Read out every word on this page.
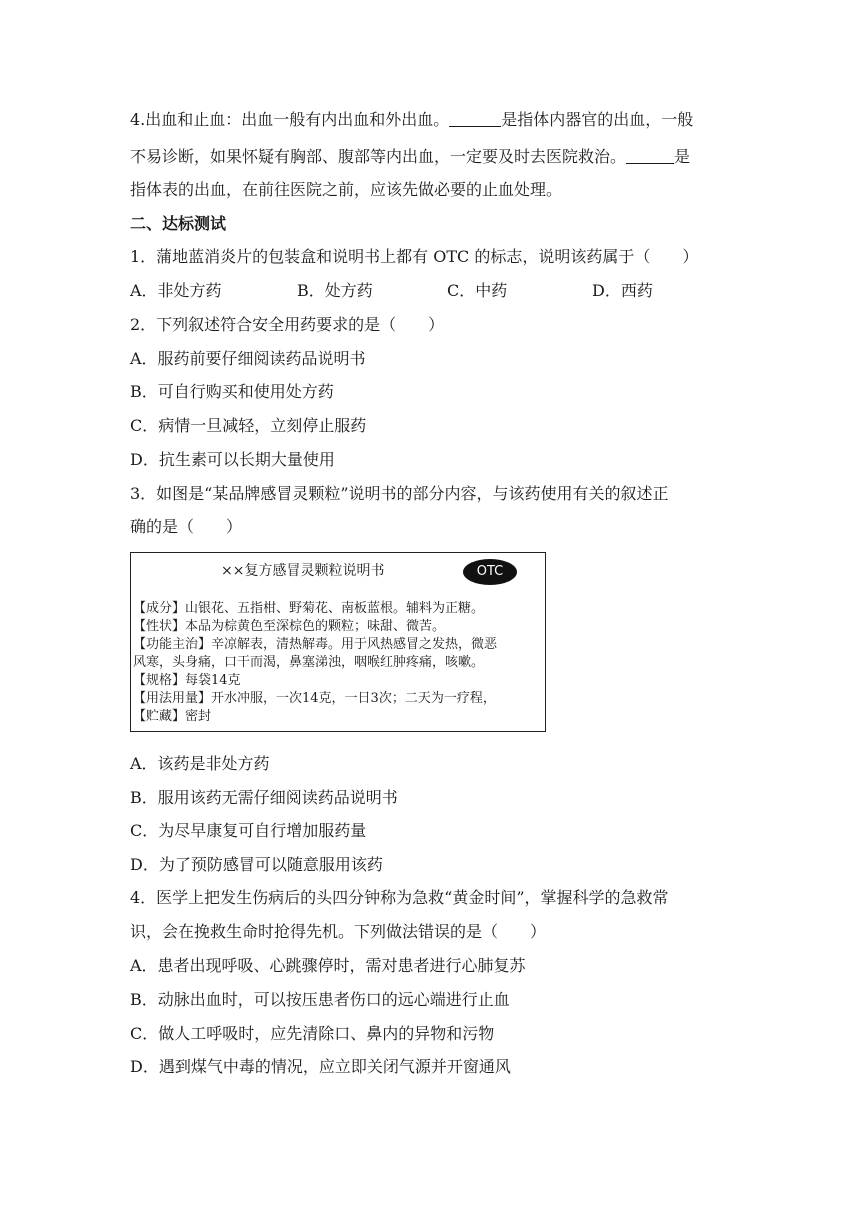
4.出血和止血：出血一般有内出血和外出血。	是指体内器官的出血，一般
不易诊断，如果怀疑有胸部、腹部等内出血，一定要及时去医院救治。	是
指体表的出血，在前往医院之前，应该先做必要的止血处理。
二、达标测试
1．蒲地蓝消炎片的包装盒和说明书上都有 OTC 的标志，说明该药属于（　　）
A．非处方药	B．处方药	C．中药	D．西药
2．下列叙述符合安全用药要求的是（　　）
A．服药前要仔细阅读药品说明书
B．可自行购买和使用处方药
C．病情一旦减轻，立刻停止服药
D．抗生素可以长期大量使用
3．如图是“某品牌感冒灵颗粒”说明书的部分内容，与该药使用有关的叙述正
确的是（　　）
××复方感冒灵颗粒说明书	OTC
【成分】山银花、五指柑、野菊花、南板蓝根。辅料为正糖。
【性状】本品为棕黄色至深棕色的颗粒；味甜、微苦。
【功能主治】辛凉解表，清热解毒。用于风热感冒之发热，微恶
风寒，头身痛，口干而渴，鼻塞涕浊，咽喉红肿疼痛，咳嗽。
【规格】每袋14克
【用法用量】开水冲服，一次14克，一日3次；二天为一疗程，
【贮藏】密封
A．该药是非处方药
B．服用该药无需仔细阅读药品说明书
C．为尽早康复可自行增加服药量
D．为了预防感冒可以随意服用该药
4．医学上把发生伤病后的头四分钟称为急救“黄金时间”，掌握科学的急救常
识，会在挽救生命时抢得先机。下列做法错误的是（　　）
A．患者出现呼吸、心跳骤停时，需对患者进行心肺复苏
B．动脉出血时，可以按压患者伤口的远心端进行止血
C．做人工呼吸时，应先清除口、鼻内的异物和污物
D．遇到煤气中毒的情况，应立即关闭气源并开窗通风
